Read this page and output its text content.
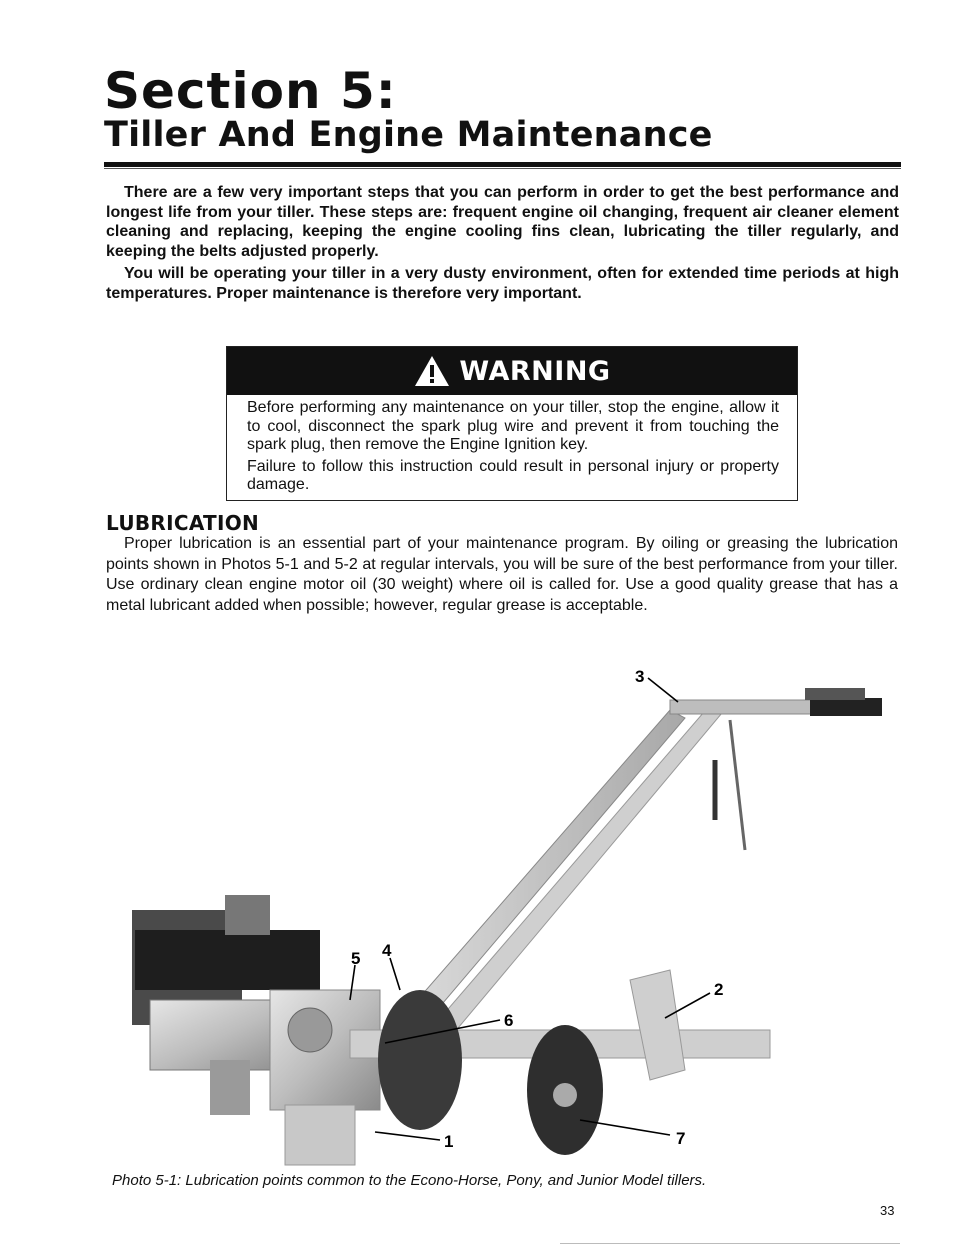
Section 5:
Tiller And Engine Maintenance

There are a few very important steps that you can perform in order to get the best performance and longest life from your tiller. These steps are: frequent engine oil changing, frequent air cleaner element cleaning and replacing, keeping the engine cooling fins clean, lubricating the tiller regularly, and keeping the belts adjusted properly.

You will be operating your tiller in a very dusty environment, often for extended time periods at high temperatures. Proper maintenance is therefore very important.

WARNING

Before performing any maintenance on your tiller, stop the engine, allow it to cool, disconnect the spark plug wire and prevent it from touching the spark plug, then remove the Engine Ignition key.

Failure to follow this instruction could result in personal injury or property damage.

LUBRICATION

Proper lubrication is an essential part of your maintenance program. By oiling or greasing the lubrication points shown in Photos 5-1 and 5-2 at regular intervals, you will be sure of the best performance from your tiller. Use ordinary clean engine motor oil (30 weight) where oil is called for. Use a good quality grease that has a metal lubricant added when possible; however, regular grease is acceptable.

1
2
3
4
5
6
7

Photo 5-1: Lubrication points common to the Econo-Horse, Pony, and Junior Model tillers.

33
